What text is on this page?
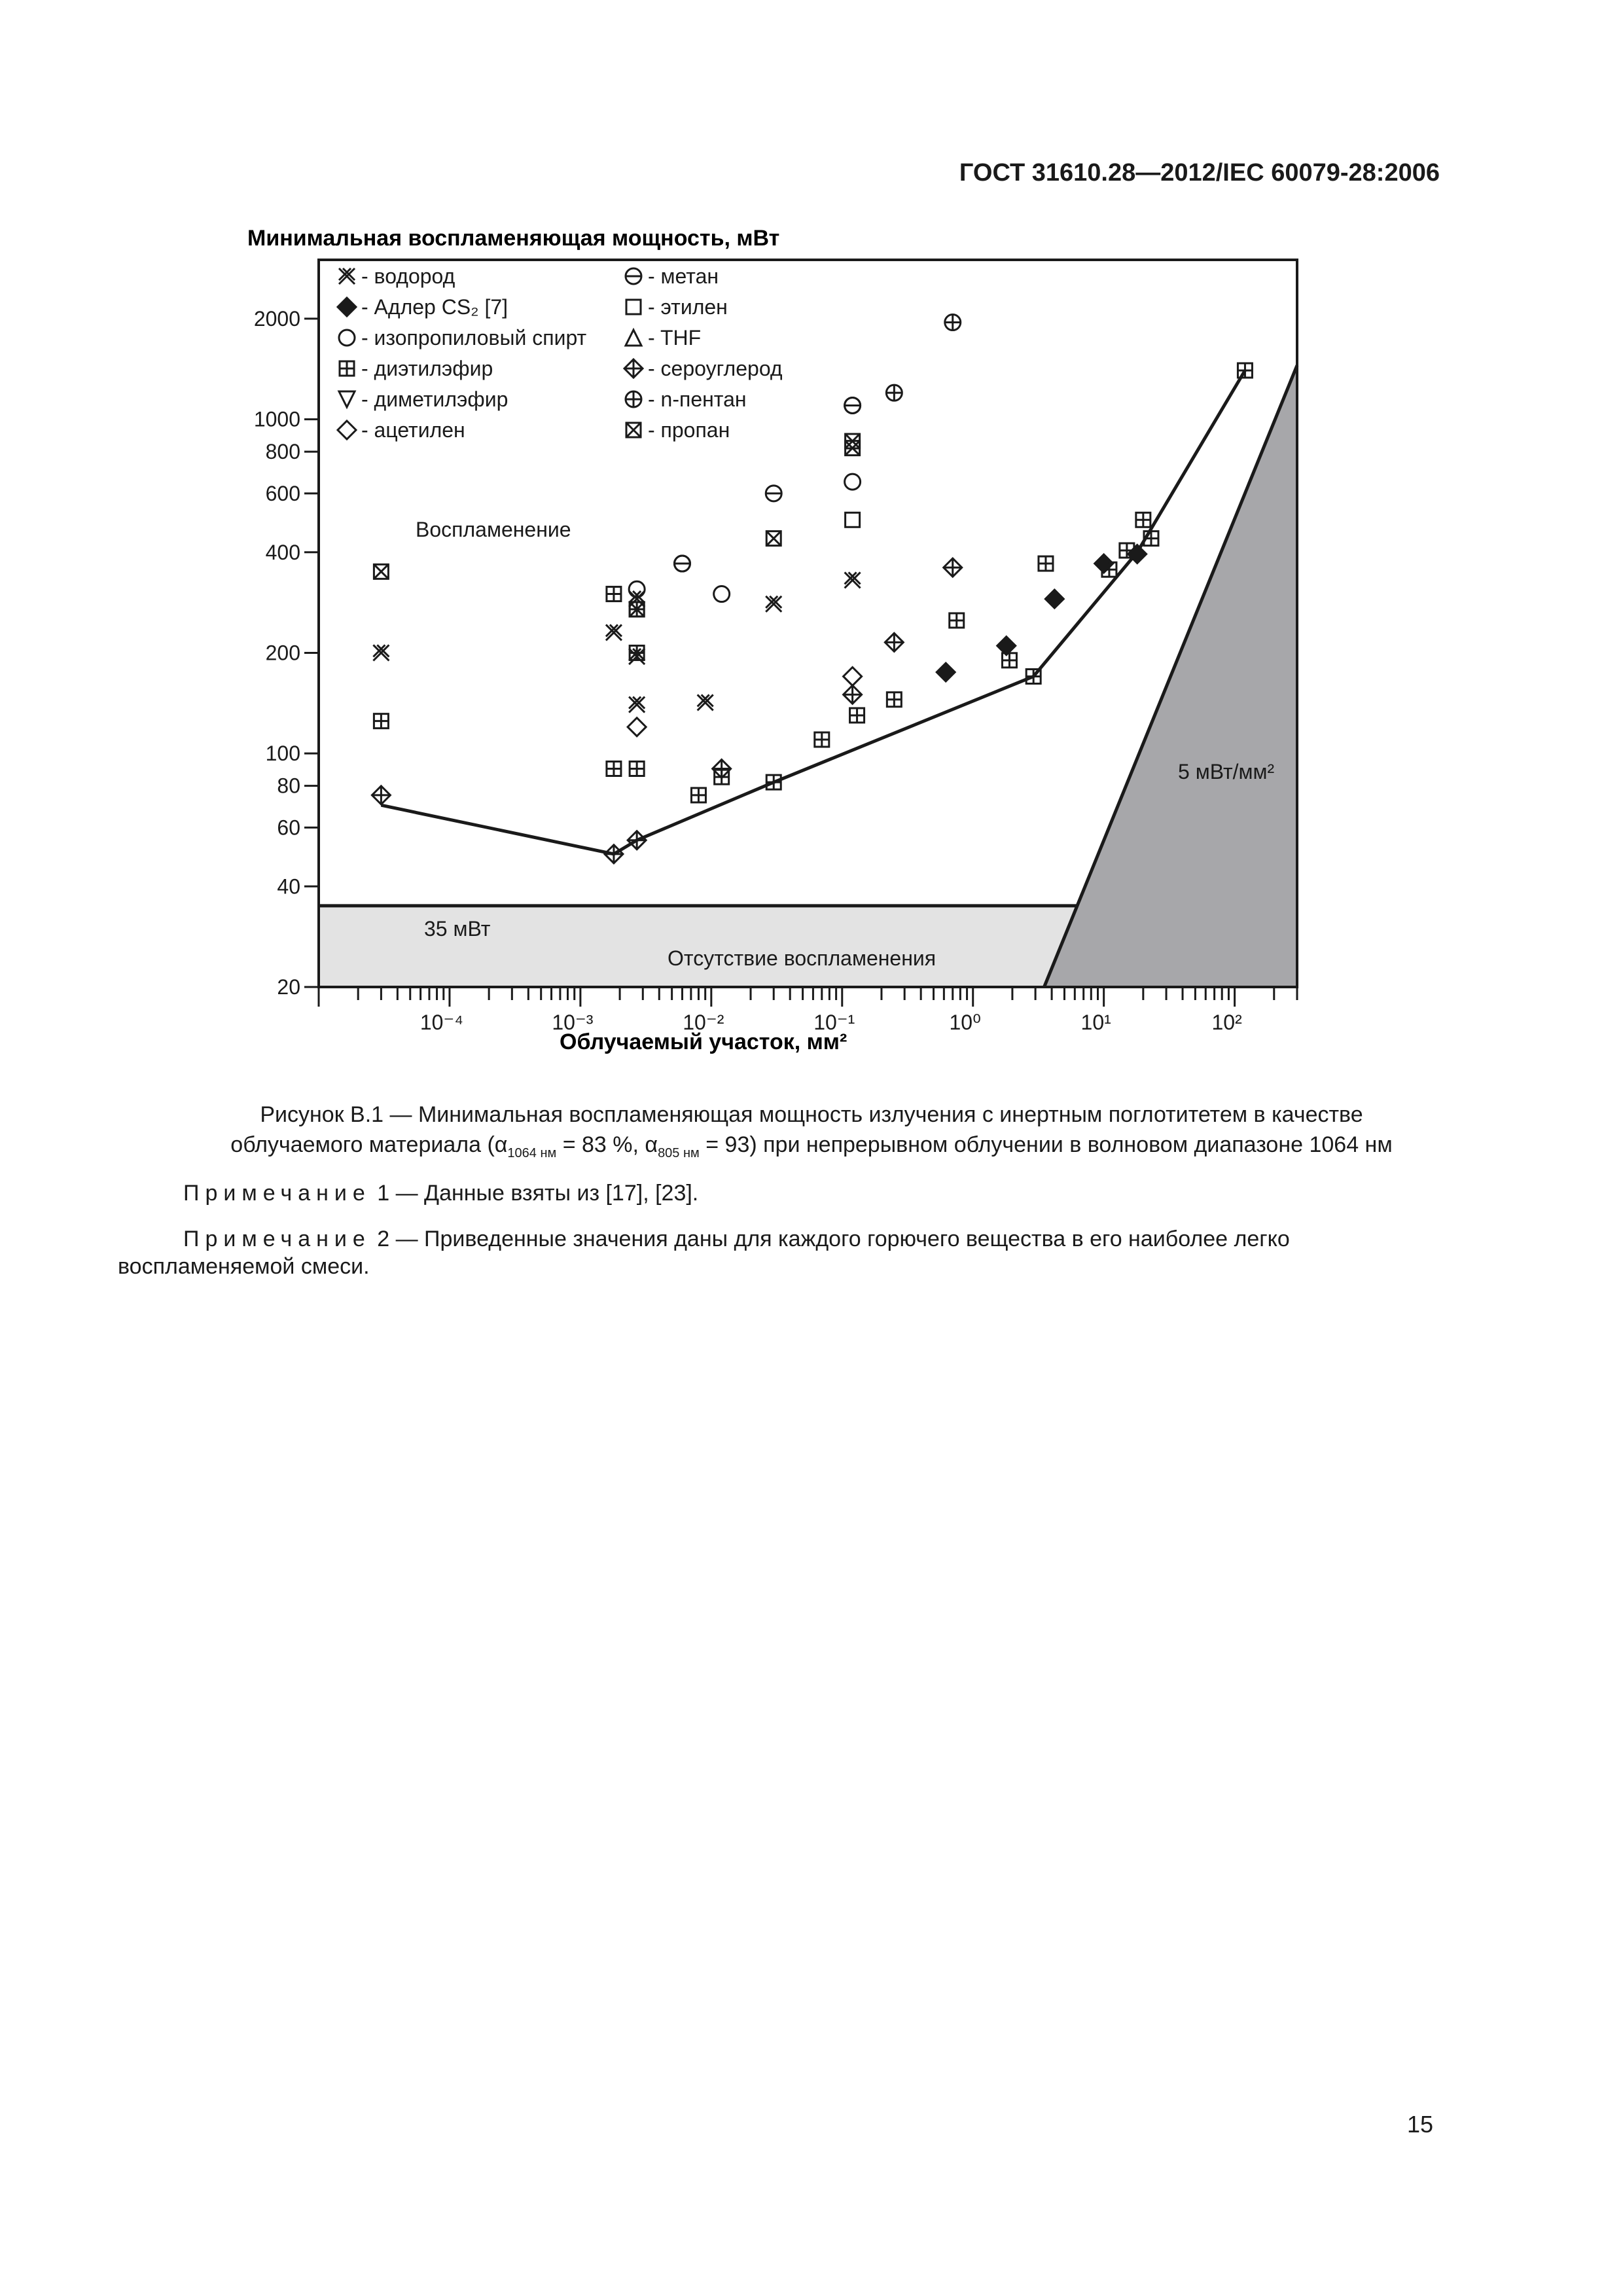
ГОСТ 31610.28—2012/IEC 60079-28:2006
Минимальная воспламеняющая мощность, мВт
20
40
60
80
100
200
400
600
800
1000
2000
10⁻⁴	10⁻³	10⁻²	10⁻¹	10⁰	10¹	10²
- водород
- Адлер CS₂ [7]
- изопропиловый спирт
- диэтилэфир
- диметилэфир
- ацетилен
- метан
- этилен
- THF
- сероуглерод
- n-пентан
- пропан
Воспламенение
35 мВт
Отсутствие воспламенения
5 мВт/мм²
Облучаемый участок, мм²
Рисунок В.1 — Минимальная воспламеняющая мощность излучения с инертным поглотитетем в качестве
облучаемого материала ($\alpha_{1064 нм} = 83$ %, $\alpha_{805 нм} = 93$) при непрерывном облучении в волновом диапазоне 1064 нм
Примечание 1 — Данные взяты из [17], [23].
Примечание 2 — Приведенные значения даны для каждого горючего вещества в его наиболее легко
воспламеняемой смеси.
15
